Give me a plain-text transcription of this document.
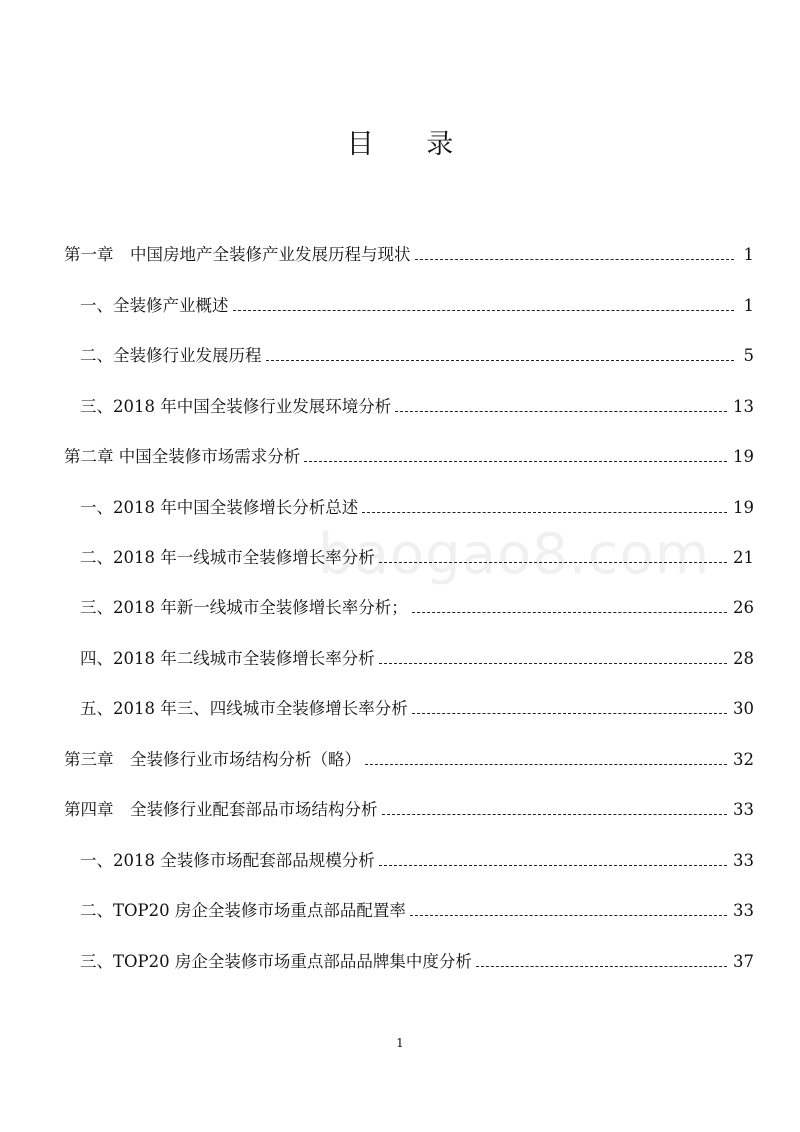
目 录
baogao8.com
第一章　中国房地产全装修产业发展历程与现状	1
一、全装修产业概述	1
二、全装修行业发展历程	5
三、2018 年中国全装修行业发展环境分析	13
第二章 中国全装修市场需求分析	19
一、2018 年中国全装修增长分析总述	19
二、2018 年一线城市全装修增长率分析	21
三、2018 年新一线城市全装修增长率分析；	26
四、2018 年二线城市全装修增长率分析	28
五、2018 年三、四线城市全装修增长率分析	30
第三章　全装修行业市场结构分析（略）	32
第四章　全装修行业配套部品市场结构分析	33
一、2018 全装修市场配套部品规模分析	33
二、TOP20 房企全装修市场重点部品配置率	33
三、TOP20 房企全装修市场重点部品品牌集中度分析	37
1
